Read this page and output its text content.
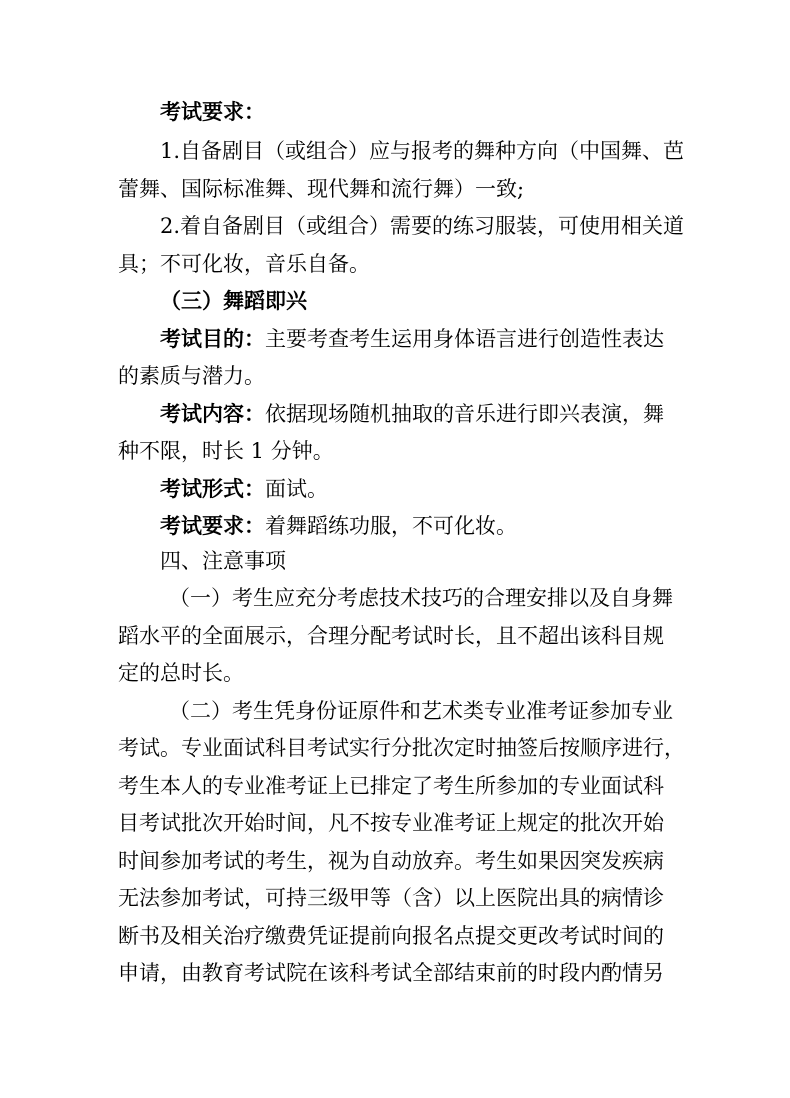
考试要求：
1.自备剧目（或组合）应与报考的舞种方向（中国舞、芭
蕾舞、国际标准舞、现代舞和流行舞）一致;
2.着自备剧目（或组合）需要的练习服装，可使用相关道
具；不可化妆，音乐自备。
（三）舞蹈即兴
考试目的：主要考查考生运用身体语言进行创造性表达
的素质与潜力。
考试内容：依据现场随机抽取的音乐进行即兴表演，舞
种不限，时长 1 分钟。
考试形式：面试。
考试要求：着舞蹈练功服，不可化妆。
四、注意事项
（一）考生应充分考虑技术技巧的合理安排以及自身舞
蹈水平的全面展示，合理分配考试时长，且不超出该科目规
定的总时长。
（二）考生凭身份证原件和艺术类专业准考证参加专业
考试。专业面试科目考试实行分批次定时抽签后按顺序进行，
考生本人的专业准考证上已排定了考生所参加的专业面试科
目考试批次开始时间，凡不按专业准考证上规定的批次开始
时间参加考试的考生，视为自动放弃。考生如果因突发疾病
无法参加考试，可持三级甲等（含）以上医院出具的病情诊
断书及相关治疗缴费凭证提前向报名点提交更改考试时间的
申请，由教育考试院在该科考试全部结束前的时段内酌情另
